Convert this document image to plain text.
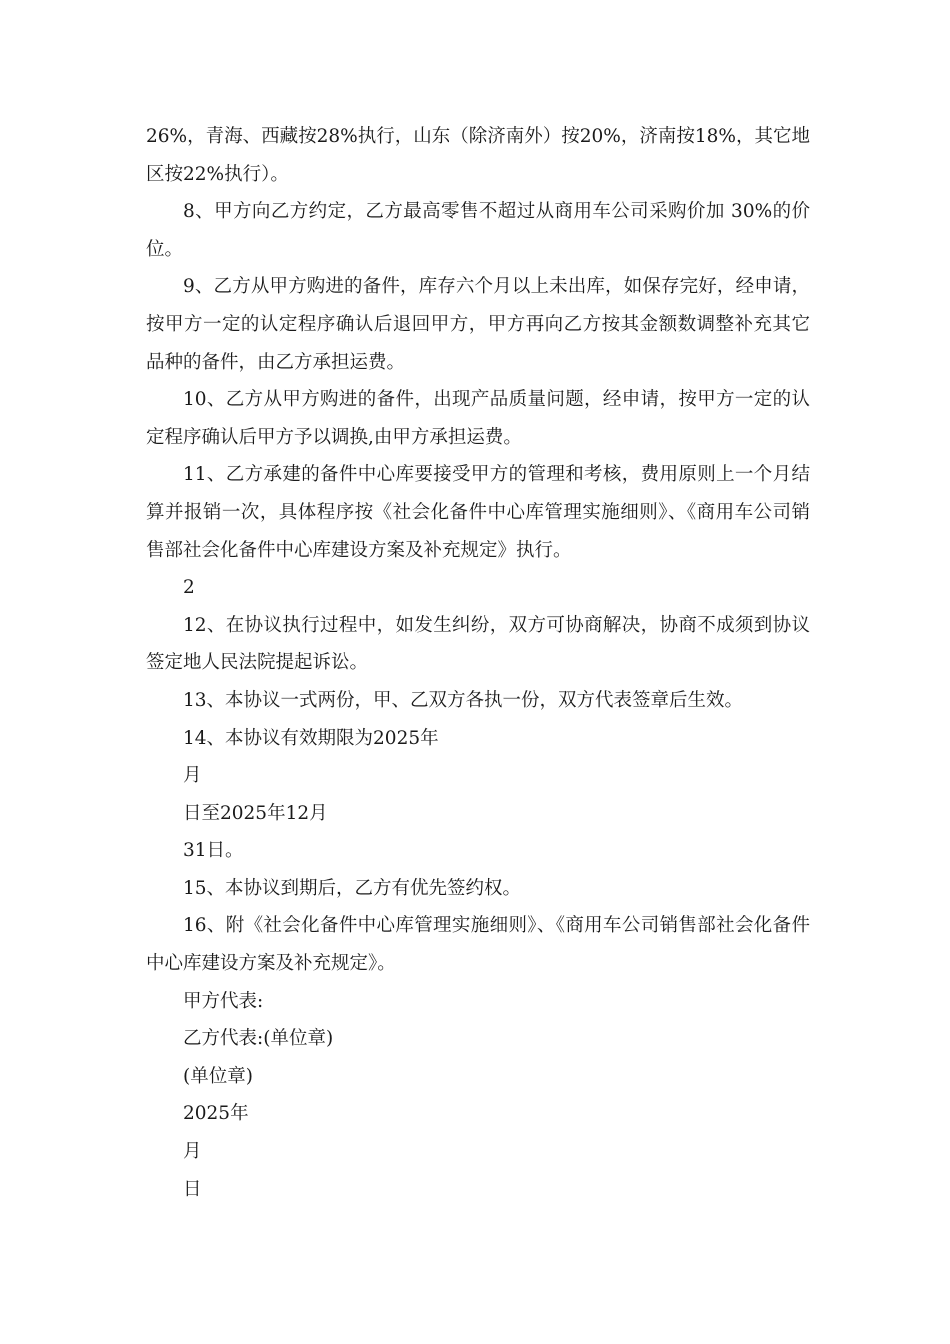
26%，青海、西藏按28%执行，山东（除济南外）按20%，济南按18%，其它地区按22%执行）。

8、甲方向乙方约定，乙方最高零售不超过从商用车公司采购价加 30%的价位。

9、乙方从甲方购进的备件，库存六个月以上未出库，如保存完好，经申请，按甲方一定的认定程序确认后退回甲方，甲方再向乙方按其金额数调整补充其它品种的备件，由乙方承担运费。

10、乙方从甲方购进的备件，出现产品质量问题，经申请，按甲方一定的认定程序确认后甲方予以调换,由甲方承担运费。

11、乙方承建的备件中心库要接受甲方的管理和考核，费用原则上一个月结算并报销一次，具体程序按《社会化备件中心库管理实施细则》、《商用车公司销售部社会化备件中心库建设方案及补充规定》执行。

2

12、在协议执行过程中，如发生纠纷，双方可协商解决，协商不成须到协议签定地人民法院提起诉讼。

13、本协议一式两份，甲、乙双方各执一份，双方代表签章后生效。

14、本协议有效期限为2025年

月

日至2025年12月

31日。

15、本协议到期后，乙方有优先签约权。

16、附《社会化备件中心库管理实施细则》、《商用车公司销售部社会化备件中心库建设方案及补充规定》。

甲方代表:

乙方代表:(单位章)

(单位章)

2025年

月

日
